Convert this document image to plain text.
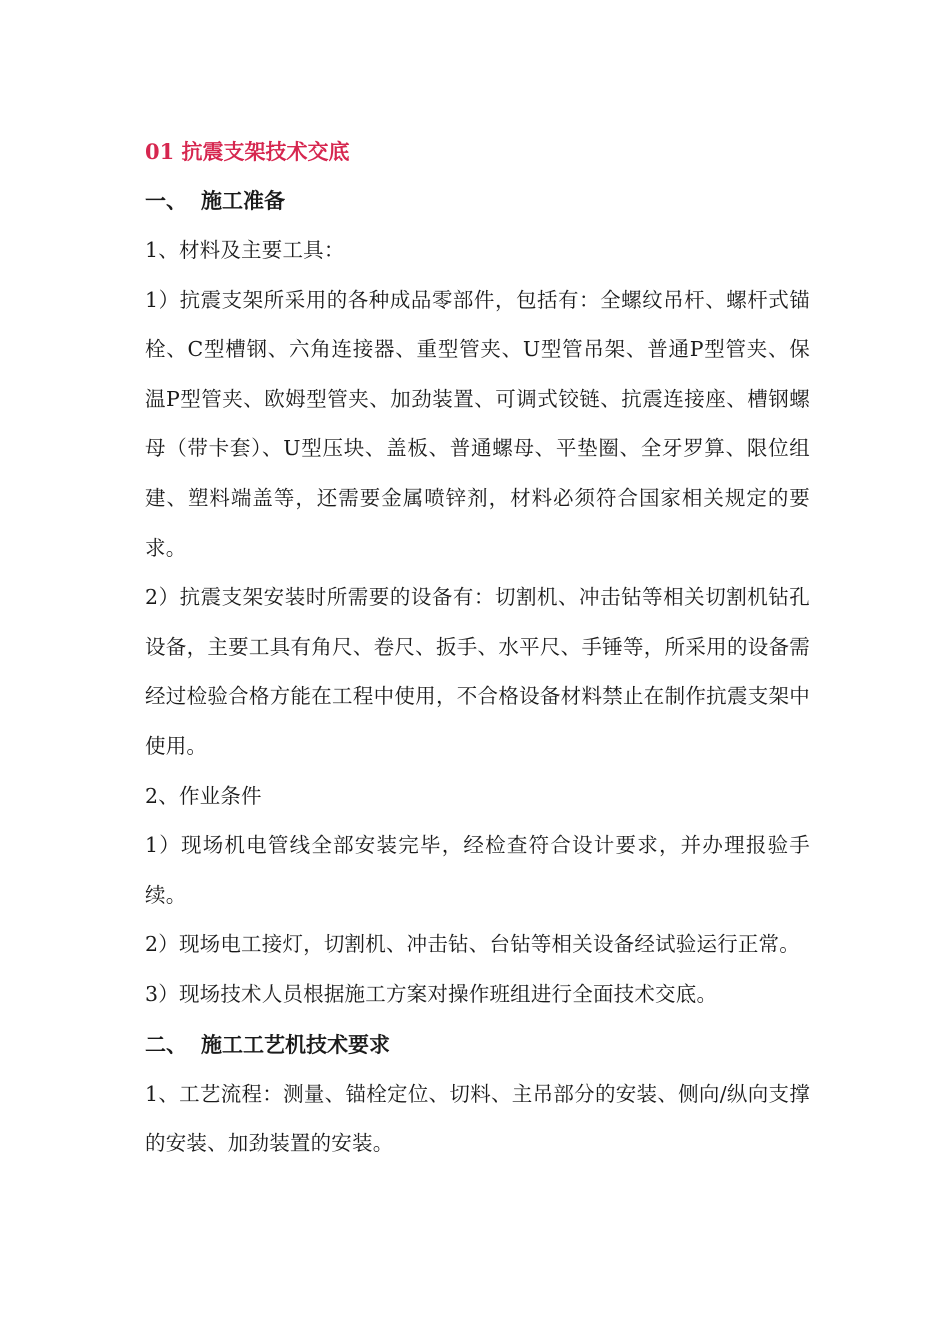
01 抗震支架技术交底
一、 施工准备

1、材料及主要工具：

1）抗震支架所采用的各种成品零部件，包括有：全螺纹吊杆、螺杆式锚栓、C型槽钢、六角连接器、重型管夹、U型管吊架、普通P型管夹、保温P型管夹、欧姆型管夹、加劲装置、可调式铰链、抗震连接座、槽钢螺母（带卡套）、U型压块、盖板、普通螺母、平垫圈、全牙罗算、限位组建、塑料端盖等，还需要金属喷锌剂，材料必须符合国家相关规定的要求。

2）抗震支架安装时所需要的设备有：切割机、冲击钻等相关切割机钻孔设备，主要工具有角尺、卷尺、扳手、水平尺、手锤等，所采用的设备需经过检验合格方能在工程中使用，不合格设备材料禁止在制作抗震支架中使用。

2、作业条件

1）现场机电管线全部安装完毕，经检查符合设计要求，并办理报验手续。

2）现场电工接灯，切割机、冲击钻、台钻等相关设备经试验运行正常。

3）现场技术人员根据施工方案对操作班组进行全面技术交底。

二、 施工工艺机技术要求

1、工艺流程：测量、锚栓定位、切料、主吊部分的安装、侧向/纵向支撑的安装、加劲装置的安装。
